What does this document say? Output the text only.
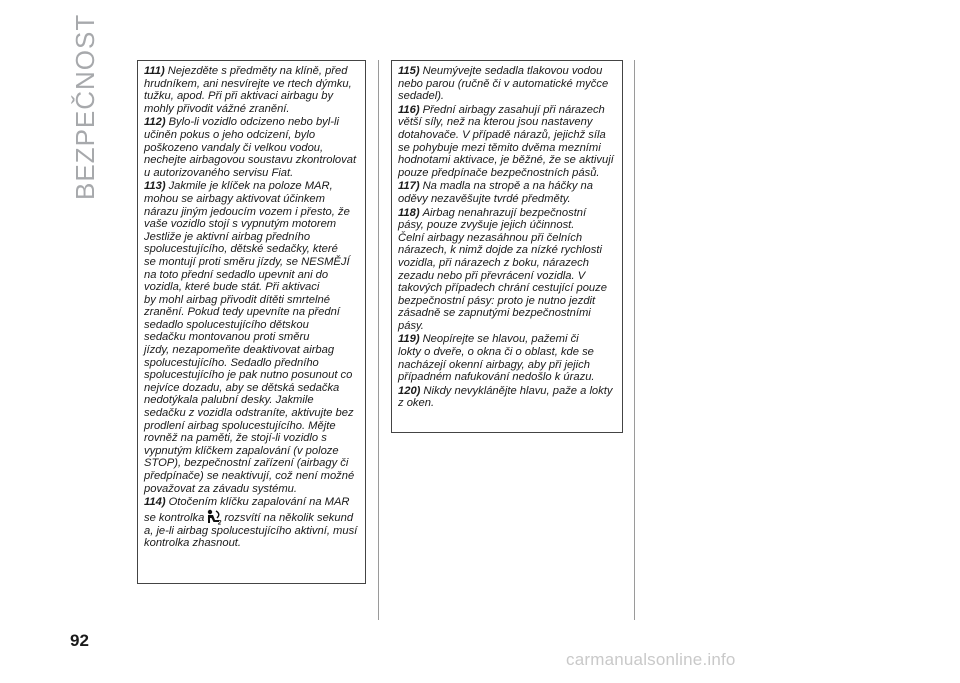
BEZPEČNOST	111) Nejezděte s předměty na klíně, před
hrudníkem, ani nesvírejte ve rtech dýmku,
tužku, apod. Při při aktivaci airbagu by
mohly přivodit vážné zranění.

112) Bylo-li vozidlo odcizeno nebo byl-li
učiněn pokus o jeho odcizení, bylo
poškozeno vandaly či velkou vodou,
nechejte airbagovou soustavu zkontrolovat
u autorizovaného servisu Fiat.

113) Jakmile je klíček na poloze MAR,
mohou se airbagy aktivovat účinkem
nárazu jiným jedoucím vozem i přesto, že
vaše vozidlo stojí s vypnutým motorem
Jestliže je aktivní airbag předního
spolucestujícího, dětské sedačky, které
se montují proti směru jízdy, se NESMĚJÍ
na toto přední sedadlo upevnit ani do
vozidla, které bude stát. Při aktivaci
by mohl airbag přivodit dítěti smrtelné
zranění. Pokud tedy upevníte na přední
sedadlo spolucestujícího dětskou
sedačku montovanou proti směru
jízdy, nezapomeňte deaktivovat airbag
spolucestujícího. Sedadlo předního
spolucestujícího je pak nutno posunout co
nejvíce dozadu, aby se dětská sedačka
nedotýkala palubní desky. Jakmile
sedačku z vozidla odstraníte, aktivujte bez
prodlení airbag spolucestujícího. Mějte
rovněž na paměti, že stojí-li vozidlo s
vypnutým klíčkem zapalování (v poloze
STOP), bezpečnostní zařízení (airbagy či
předpínače) se neaktivují, což není možné
považovat za závadu systému.

114) Otočením klíčku zapalování na MAR
se kontrolka 2 rozsvítí na několik sekund
a, je-li airbag spolucestujícího aktivní, musí
kontrolka zhasnout.

115) Neumývejte sedadla tlakovou vodou
nebo parou (ručně či v automatické myčce
sedadel).

116) Přední airbagy zasahují při nárazech
větší síly, než na kterou jsou nastaveny
dotahovače. V případě nárazů, jejichž síla
se pohybuje mezi těmito dvěma mezními
hodnotami aktivace, je běžné, že se aktivují
pouze předpínače bezpečnostních pásů.

117) Na madla na stropě a na háčky na
oděvy nezavěšujte tvrdé předměty.

118) Airbag nenahrazují bezpečnostní
pásy, pouze zvyšuje jejich účinnost.
Čelní airbagy nezasáhnou při čelních
nárazech, k nimž dojde za nízké rychlosti
vozidla, při nárazech z boku, nárazech
zezadu nebo při převrácení vozidla. V
takových případech chrání cestující pouze
bezpečnostní pásy: proto je nutno jezdit
zásadně se zapnutými bezpečnostními
pásy.

119) Neopírejte se hlavou, pažemi či
lokty o dveře, o okna či o oblast, kde se
nacházejí okenní airbagy, aby při jejich
případném nafukování nedošlo k úrazu.

120) Nikdy nevyklánějte hlavu, paže a lokty
z oken.

92
carmanualsonline.info
